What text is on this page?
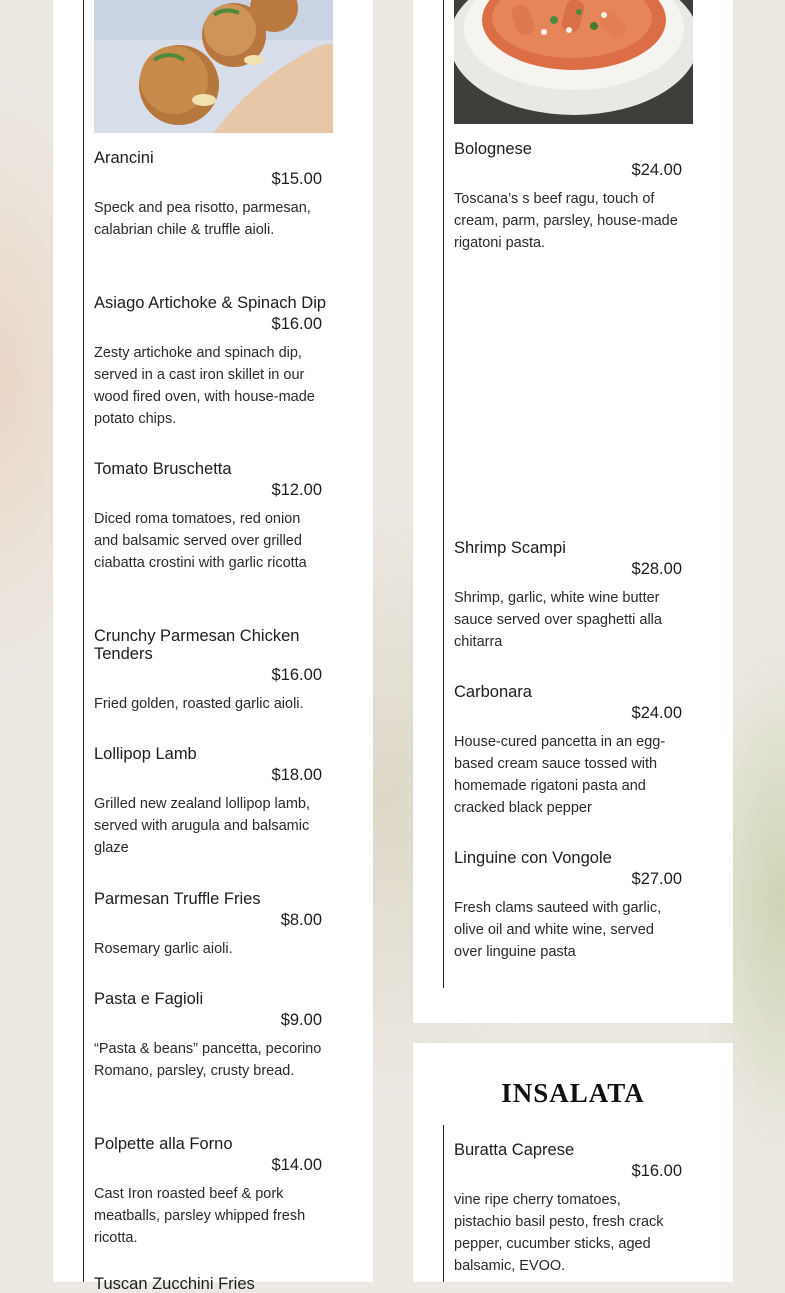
Arancini
$15.00
Speck and pea risotto, parmesan, calabrian chile & truffle aioli.
Asiago Artichoke & Spinach Dip
$16.00
Zesty artichoke and spinach dip, served in a cast iron skillet in our wood fired oven, with house-made potato chips.
Tomato Bruschetta
$12.00
Diced roma tomatoes, red onion and balsamic served over grilled ciabatta crostini with garlic ricotta
Crunchy Parmesan Chicken Tenders
$16.00
Fried golden, roasted garlic aioli.
Lollipop Lamb
$18.00
Grilled new zealand lollipop lamb, served with arugula and balsamic glaze
Parmesan Truffle Fries
$8.00
Rosemary garlic aioli.
Pasta e Fagioli
$9.00
“Pasta & beans” pancetta, pecorino Romano, parsley, crusty bread.
Polpette alla Forno
$14.00
Cast Iron roasted beef & pork meatballs, parsley whipped fresh ricotta.
Tuscan Zucchini Fries
Bolognese
$24.00
Toscana’s s beef ragu, touch of cream, parm, parsley, house-made rigatoni pasta.
Shrimp Scampi
$28.00
Shrimp, garlic, white wine butter sauce served over spaghetti alla chitarra
Carbonara
$24.00
House-cured pancetta in an egg-based cream sauce tossed with homemade rigatoni pasta and cracked black pepper
Linguine con Vongole
$27.00
Fresh clams sauteed with garlic, olive oil and white wine, served over linguine pasta
INSALATA
Buratta Caprese
$16.00
vine ripe cherry tomatoes, pistachio basil pesto, fresh crack pepper, cucumber sticks, aged balsamic, EVOO.
